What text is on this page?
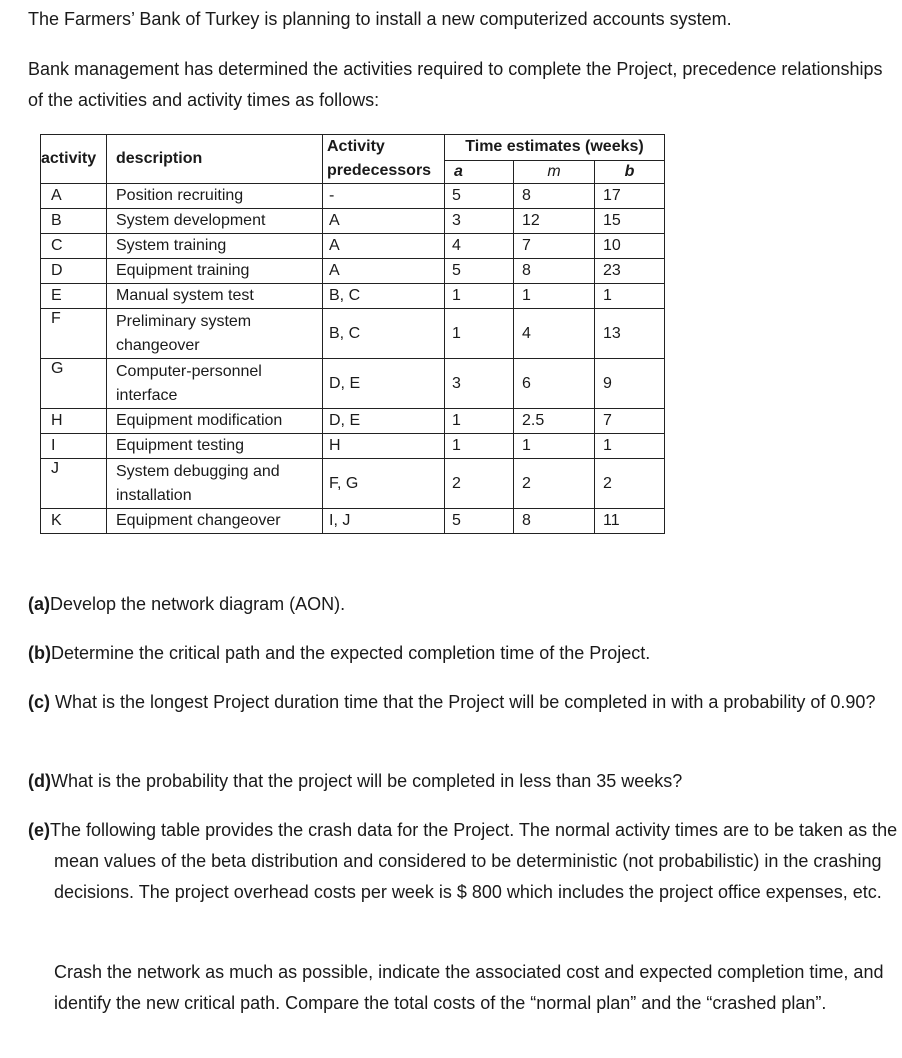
The Farmers’ Bank of Turkey is planning to install a new computerized accounts system.

Bank management has determined the activities required to complete the Project, precedence relationships of the activities and activity times as follows:

activity	description	Activity
predecessors	Time estimates (weeks)		
			a	m	b
A	Position recruiting	-	5	8	17
B	System development	A	3	12	15
C	System training	A	4	7	10
D	Equipment training	A	5	8	23
E	Manual system test	B, C	1	1	1
F	Preliminary system changeover	B, C	1	4	13
G	Computer-personnel interface	D, E	3	6	9
H	Equipment modification	D, E	1	2.5	7
I	Equipment testing	H	1	1	1
J	System debugging and installation	F, G	2	2	2
K	Equipment changeover	I, J	5	8	11
(a)Develop the network diagram (AON).
(b)Determine the critical path and the expected completion time of the Project.
(c) What is the longest Project duration time that the Project will be completed in with a probability of 0.90?
(d)What is the probability that the project will be completed in less than 35 weeks?
(e)The following table provides the crash data for the Project. The normal activity times are to be taken as the mean values of the beta distribution and considered to be deterministic (not probabilistic) in the crashing decisions. The project overhead costs per week is $ 800 which includes the project office expenses, etc.
Crash the network as much as possible, indicate the associated cost and expected completion time, and identify the new critical path. Compare the total costs of the “normal plan” and the “crashed plan”.
